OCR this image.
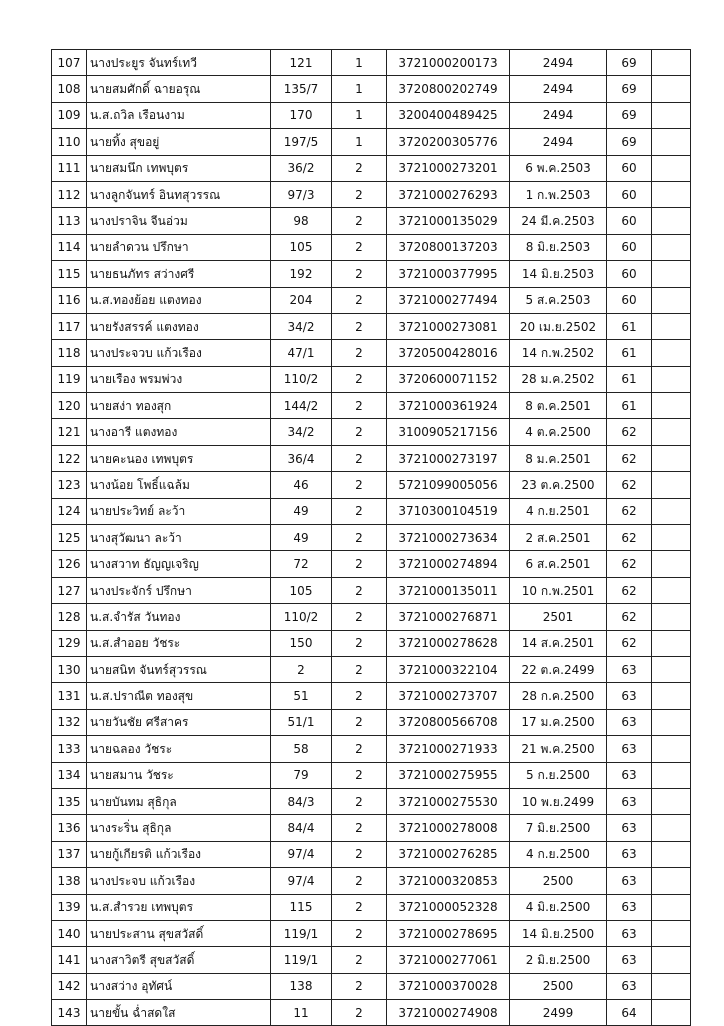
107	นางประยูร จันทร์เทวี	121	1	3721000200173	2494	69	
108	นายสมศักดิ์ ฉายอรุณ	135/7	1	3720800202749	2494	69	
109	น.ส.ถวิล เรือนงาม	170	1	3200400489425	2494	69	
110	นายทิ้ง สุขอยู่	197/5	1	3720200305776	2494	69	
111	นายสมนึก เทพบุตร	36/2	2	3721000273201	6 พ.ค.2503	60	
112	นางลูกจันทร์ อินทสุวรรณ	97/3	2	3721000276293	1 ก.พ.2503	60	
113	นางปราจิน จีนอ่วม	98	2	3721000135029	24 มี.ค.2503	60	
114	นายลำดวน ปรึกษา	105	2	3720800137203	8 มิ.ย.2503	60	
115	นายธนภัทร สว่างศรี	192	2	3721000377995	14 มิ.ย.2503	60	
116	น.ส.ทองย้อย แตงทอง	204	2	3721000277494	5 ส.ค.2503	60	
117	นายรังสรรค์ แตงทอง	34/2	2	3721000273081	20 เม.ย.2502	61	
118	นางประจวบ แก้วเรือง	47/1	2	3720500428016	14 ก.พ.2502	61	
119	นายเรือง พรมพ่วง	110/2	2	3720600071152	28 ม.ค.2502	61	
120	นายสง่า ทองสุก	144/2	2	3721000361924	8 ต.ค.2501	61	
121	นางอารี แตงทอง	34/2	2	3100905217156	4 ต.ค.2500	62	
122	นายคะนอง เทพบุตร	36/4	2	3721000273197	8 ม.ค.2501	62	
123	นางน้อย โพธิ์แฉล้ม	46	2	5721099005056	23 ต.ค.2500	62	
124	นายประวิทย์ ละว้า	49	2	3710300104519	4 ก.ย.2501	62	
125	นางสุวัฒนา ละว้า	49	2	3721000273634	2 ส.ค.2501	62	
126	นางสวาท ธัญญเจริญ	72	2	3721000274894	6 ส.ค.2501	62	
127	นางประจักร์ ปรึกษา	105	2	3721000135011	10 ก.พ.2501	62	
128	น.ส.จำรัส วันทอง	110/2	2	3721000276871	2501	62	
129	น.ส.สำออย วัชระ	150	2	3721000278628	14 ส.ค.2501	62	
130	นายสนิท จันทร์สุวรรณ	2	2	3721000322104	22 ต.ค.2499	63	
131	น.ส.ปราณีต ทองสุข	51	2	3721000273707	28 ก.ค.2500	63	
132	นายวันชัย ศรีสาคร	51/1	2	3720800566708	17 ม.ค.2500	63	
133	นายฉลอง วัชระ	58	2	3721000271933	21 พ.ค.2500	63	
134	นายสมาน วัชระ	79	2	3721000275955	5 ก.ย.2500	63	
135	นายบันทม สุธิกุล	84/3	2	3721000275530	10 พ.ย.2499	63	
136	นางระริ่น สุธิกุล	84/4	2	3721000278008	7 มิ.ย.2500	63	
137	นายกู้เกียรติ แก้วเรือง	97/4	2	3721000276285	4 ก.ย.2500	63	
138	นางประจบ แก้วเรือง	97/4	2	3721000320853	2500	63	
139	น.ส.สำรวย เทพบุตร	115	2	3721000052328	4 มิ.ย.2500	63	
140	นายประสาน สุขสวัสดิ์	119/1	2	3721000278695	14 มิ.ย.2500	63	
141	นางสาวิตรี สุขสวัสดิ์	119/1	2	3721000277061	2 มิ.ย.2500	63	
142	นางสว่าง อุทัศน์	138	2	3721000370028	2500	63	
143	นายขั้น ฉ่ำสดใส	11	2	3721000274908	2499	64	
